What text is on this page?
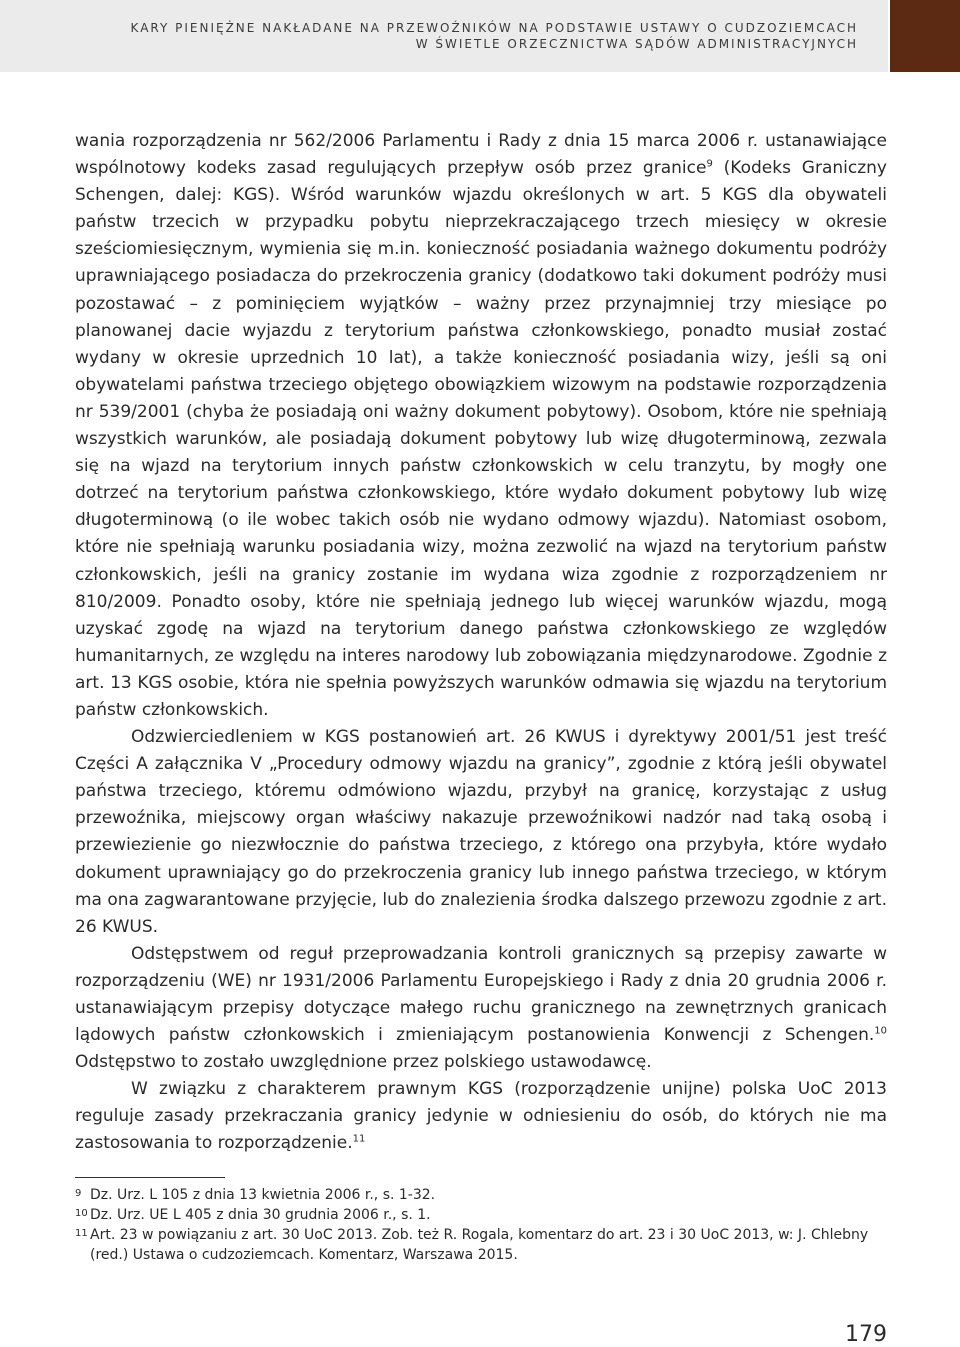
KARY PIENIĘŻNE NAKŁADANE NA PRZEWOŹNIKÓW NA PODSTAWIE USTAWY O CUDZOZIEMCACH
W ŚWIETLE ORZECZNICTWA SĄDÓW ADMINISTRACYJNYCH

wania rozporządzenia nr 562/2006 Parlamentu i Rady z dnia 15 marca 2006 r. ustanawiające wspólnotowy kodeks zasad regulujących przepływ osób przez granice$^9$ (Kodeks Graniczny Schengen, dalej: KGS). Wśród warunków wjazdu określonych w art. 5 KGS dla obywateli państw trzecich w przypadku pobytu nieprzekraczającego trzech miesięcy w okresie sześciomiesięcznym, wymienia się m.in. konieczność posiadania ważnego dokumentu podróży uprawniającego posiadacza do przekroczenia granicy (dodatkowo taki dokument podróży musi pozostawać – z pominięciem wyjątków – ważny przez przynajmniej trzy miesiące po planowanej dacie wyjazdu z terytorium państwa członkowskiego, ponadto musiał zostać wydany w okresie uprzednich 10 lat), a także konieczność posiadania wizy, jeśli są oni obywatelami państwa trzeciego objętego obowiązkiem wizowym na podstawie rozporządzenia nr 539/2001 (chyba że posiadają oni ważny dokument pobytowy). Osobom, które nie spełniają wszystkich warunków, ale posiadają dokument pobytowy lub wizę długoterminową, zezwala się na wjazd na terytorium innych państw członkowskich w celu tranzytu, by mogły one dotrzeć na terytorium państwa członkowskiego, które wydało dokument pobytowy lub wizę długoterminową (o ile wobec takich osób nie wydano odmowy wjazdu). Natomiast osobom, które nie spełniają warunku posiadania wizy, można zezwolić na wjazd na terytorium państw członkowskich, jeśli na granicy zostanie im wydana wiza zgodnie z rozporządzeniem nr 810/2009. Ponadto osoby, które nie spełniają jednego lub więcej warunków wjazdu, mogą uzyskać zgodę na wjazd na terytorium danego państwa członkowskiego ze względów humanitarnych, ze względu na interes narodowy lub zobowiązania międzynarodowe. Zgodnie z art. 13 KGS osobie, która nie spełnia powyższych warunków odmawia się wjazdu na terytorium państw członkowskich.

Odzwierciedleniem w KGS postanowień art. 26 KWUS i dyrektywy 2001/51 jest treść Części A załącznika V „Procedury odmowy wjazdu na granicy”, zgodnie z którą jeśli obywatel państwa trzeciego, któremu odmówiono wjazdu, przybył na granicę, korzystając z usług przewoźnika, miejscowy organ właściwy nakazuje przewoźnikowi nadzór nad taką osobą i przewiezienie go niezwłocznie do państwa trzeciego, z którego ona przybyła, które wydało dokument uprawniający go do przekroczenia granicy lub innego państwa trzeciego, w którym ma ona zagwarantowane przyjęcie, lub do znalezienia środka dalszego przewozu zgodnie z art. 26 KWUS.

Odstępstwem od reguł przeprowadzania kontroli granicznych są przepisy zawarte w rozporządzeniu (WE) nr 1931/2006 Parlamentu Europejskiego i Rady z dnia 20 grudnia 2006 r. ustanawiającym przepisy dotyczące małego ruchu granicznego na zewnętrznych granicach lądowych państw członkowskich i zmieniającym postanowienia Konwencji z Schengen.$^{10}$ Odstępstwo to zostało uwzględnione przez polskiego ustawodawcę.

W związku z charakterem prawnym KGS (rozporządzenie unijne) polska UoC 2013 reguluje zasady przekraczania granicy jedynie w odniesieniu do osób, do których nie ma zastosowania to rozporządzenie.$^{11}$

9 Dz. Urz. L 105 z dnia 13 kwietnia 2006 r., s. 1-32.
10 Dz. Urz. UE L 405 z dnia 30 grudnia 2006 r., s. 1.
11 Art. 23 w powiązaniu z art. 30 UoC 2013. Zob. też R. Rogala, komentarz do art. 23 i 30 UoC 2013, w: J. Chlebny (red.) Ustawa o cudzoziemcach. Komentarz, Warszawa 2015.
179
